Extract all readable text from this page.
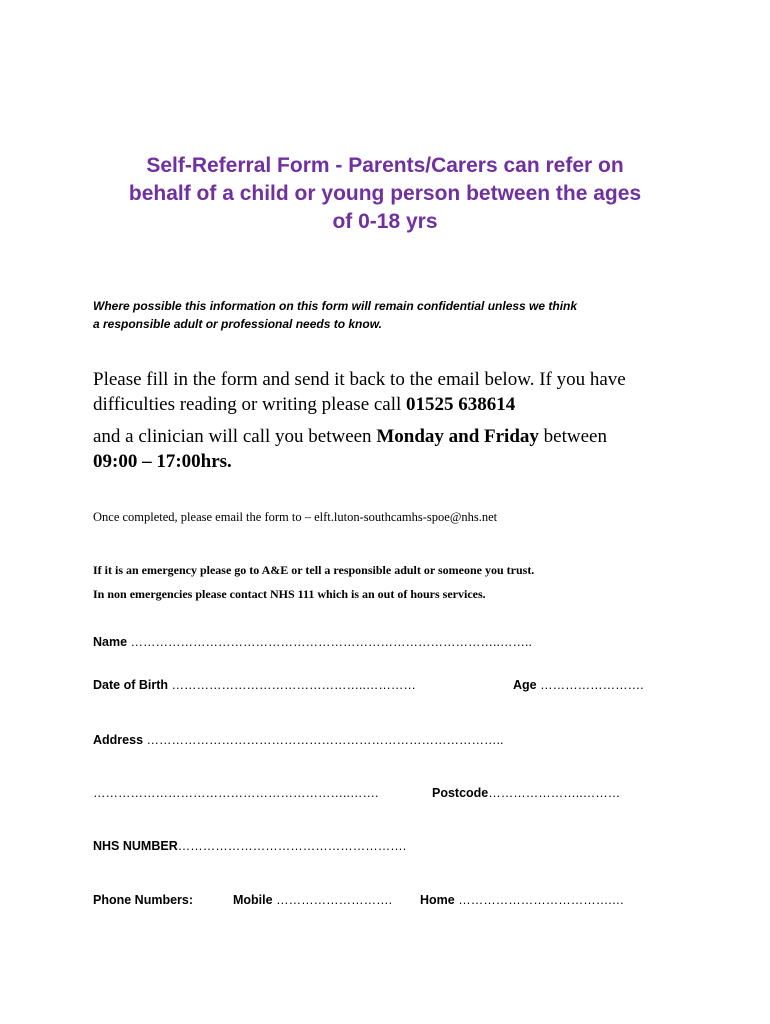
Self-Referral Form - Parents/Carers can refer on
behalf of a child or young person between the ages
of 0-18 yrs
Where possible this information on this form will remain confidential unless we think
a responsible adult or professional needs to know.
Please fill in the form and send it back to the email below. If you have
difficulties reading or writing please call 01525 638614
and a clinician will call you between Monday and Friday between
09:00 – 17:00hrs.
Once completed, please email the form to – elft.luton-southcamhs-spoe@nhs.net
If it is an emergency please go to A&E or tell a responsible adult or someone you trust.
In non emergencies please contact NHS 111 which is an out of hours services.
Name ……………………………………………………………………………..……..
Date of Birth ………………………………………..…………	Age …………………….
Address …………………………………………………………………………..
……………………………………………………..…….	Postcode…………………..………
NHS NUMBER……………………………………………….
Phone Numbers:	Mobile ………………………. Home ……………………………….…
